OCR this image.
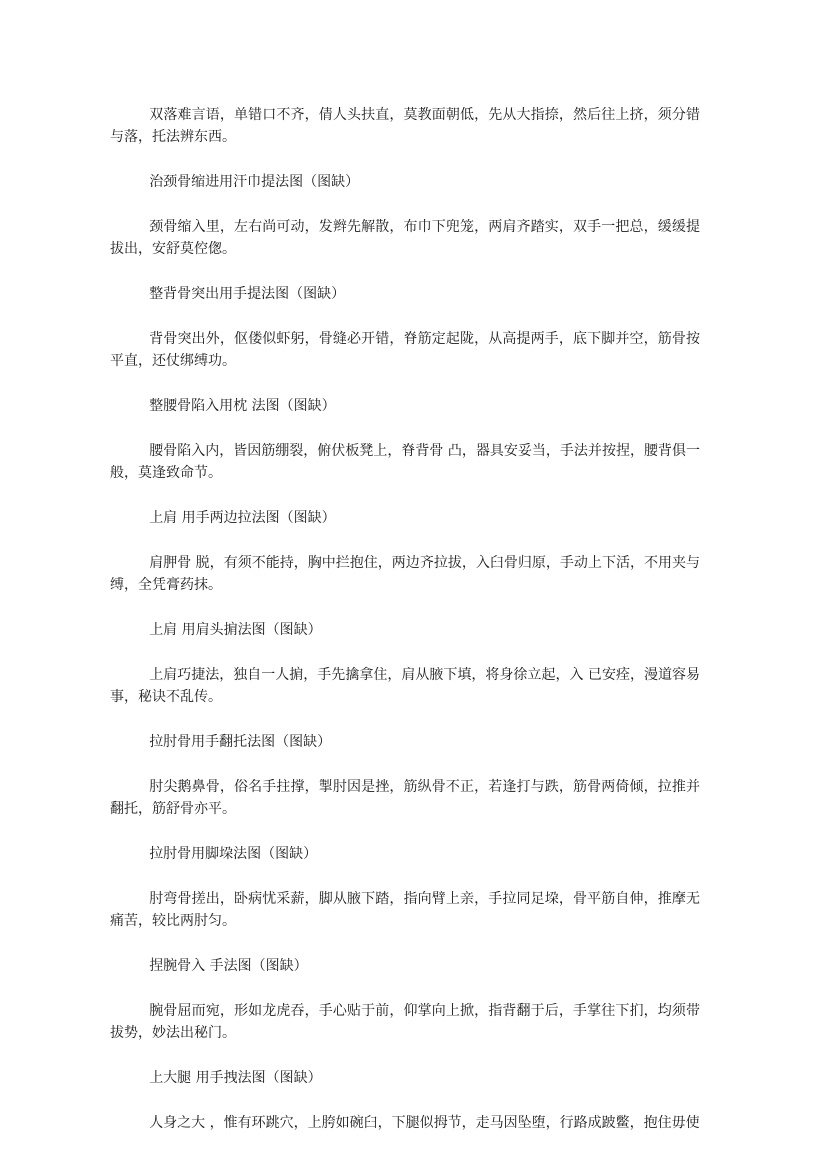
双落难言语，单错口不齐，倩人头扶直，莫教面朝低，先从大指捺，然后往上挤，须分错与落，托法辨东西。

治颈骨缩进用汗巾提法图（图缺）

颈骨缩入里，左右尚可动，发辫先解散，布巾下兜笼，两肩齐踏实，双手一把总，缓缓提拔出，安舒莫倥偬。

整背骨突出用手提法图（图缺）

背骨突出外，伛偻似虾躬，骨缝必开错，脊筋定起陇，从高提两手，底下脚并空，筋骨按平直，还仗绑缚功。

整腰骨陷入用枕 法图（图缺）

腰骨陷入内，皆因筋绷裂，俯伏板凳上，脊背骨 凸，器具安妥当，手法并按捏，腰背俱一般，莫逢致命节。

上肩 用手两边拉法图（图缺）

肩胛骨 脱，有须不能持，胸中拦抱住，两边齐拉拔，入臼骨归原，手动上下活，不用夹与缚，全凭膏药抹。

上肩 用肩头掮法图（图缺）

上肩巧捷法，独自一人掮，手先擒拿住，肩从腋下填，将身徐立起，入 已安痊，漫道容易事，秘诀不乱传。

拉肘骨用手翻托法图（图缺）

肘尖鹅鼻骨，俗名手拄撑，掣肘因是挫，筋纵骨不正，若逢打与跌，筋骨两倚倾，拉推并翻托，筋舒骨亦平。

拉肘骨用脚垜法图（图缺）

肘弯骨搓出，卧病忧采薪，脚从腋下踏，指向臂上亲，手拉同足垜，骨平筋自伸，推摩无痛苦，较比两肘匀。

捏腕骨入 手法图（图缺）

腕骨屈而宛，形如龙虎吞，手心贴于前，仰掌向上掀，指背翻于后，手掌往下扪，均须带拔势，妙法出秘门。

上大腿 用手拽法图（图缺）

人身之大 ，惟有环跳穴，上胯如碗臼，下腿似拇节，走马因坠堕，行路成跛鳖，抱住毋使
